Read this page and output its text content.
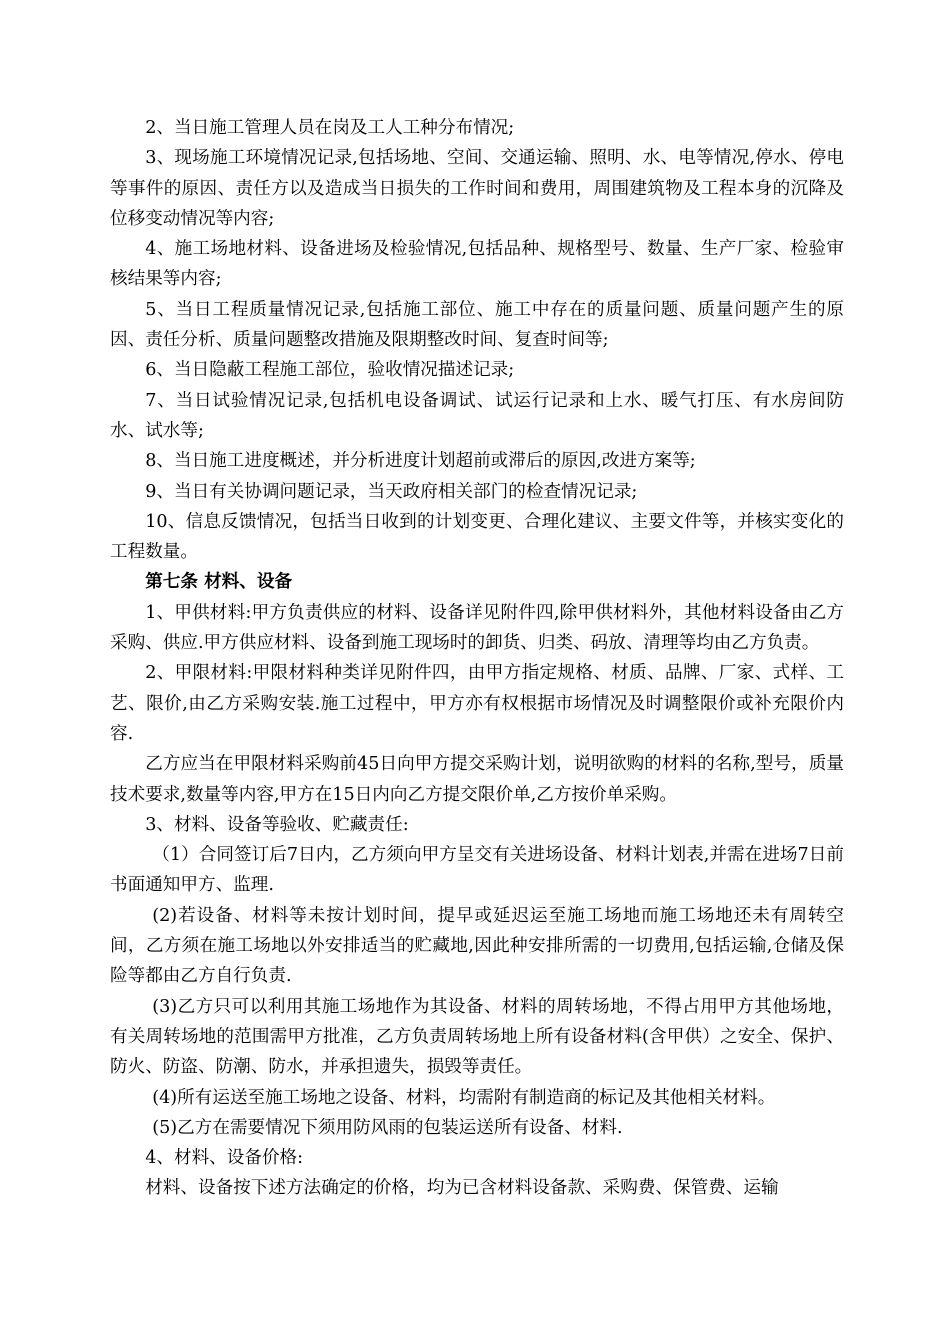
2、当日施工管理人员在岗及工人工种分布情况;

3、现场施工环境情况记录,包括场地、空间、交通运输、照明、水、电等情况,停水、停电等事件的原因、责任方以及造成当日损失的工作时间和费用，周围建筑物及工程本身的沉降及位移变动情况等内容;

4、施工场地材料、设备进场及检验情况,包括品种、规格型号、数量、生产厂家、检验审核结果等内容;

5、当日工程质量情况记录,包括施工部位、施工中存在的质量问题、质量问题产生的原因、责任分析、质量问题整改措施及限期整改时间、复查时间等;

6、当日隐蔽工程施工部位，验收情况描述记录;

7、当日试验情况记录,包括机电设备调试、试运行记录和上水、暖气打压、有水房间防水、试水等;

8、当日施工进度概述，并分析进度计划超前或滞后的原因,改进方案等;

9、当日有关协调问题记录，当天政府相关部门的检查情况记录;

10、信息反馈情况，包括当日收到的计划变更、合理化建议、主要文件等，并核实变化的工程数量。

第七条 材料、设备

1、甲供材料:甲方负责供应的材料、设备详见附件四,除甲供材料外，其他材料设备由乙方采购、供应.甲方供应材料、设备到施工现场时的卸货、归类、码放、清理等均由乙方负责。

2、甲限材料:甲限材料种类详见附件四，由甲方指定规格、材质、品牌、厂家、式样、工艺、限价,由乙方采购安装.施工过程中，甲方亦有权根据市场情况及时调整限价或补充限价内容.

乙方应当在甲限材料采购前45日向甲方提交采购计划，说明欲购的材料的名称,型号，质量技术要求,数量等内容,甲方在15日内向乙方提交限价单,乙方按价单采购。

3、材料、设备等验收、贮藏责任:

（1）合同签订后7日内，乙方须向甲方呈交有关进场设备、材料计划表,并需在进场7日前书面通知甲方、监理.

(2)若设备、材料等未按计划时间，提早或延迟运至施工场地而施工场地还未有周转空间，乙方须在施工场地以外安排适当的贮藏地,因此种安排所需的一切费用,包括运输,仓储及保险等都由乙方自行负责.

(3)乙方只可以利用其施工场地作为其设备、材料的周转场地，不得占用甲方其他场地，有关周转场地的范围需甲方批准，乙方负责周转场地上所有设备材料(含甲供）之安全、保护、防火、防盗、防潮、防水，并承担遗失，损毁等责任。

(4)所有运送至施工场地之设备、材料，均需附有制造商的标记及其他相关材料。

(5)乙方在需要情况下须用防风雨的包装运送所有设备、材料.

4、材料、设备价格:

材料、设备按下述方法确定的价格，均为已含材料设备款、采购费、保管费、运输
